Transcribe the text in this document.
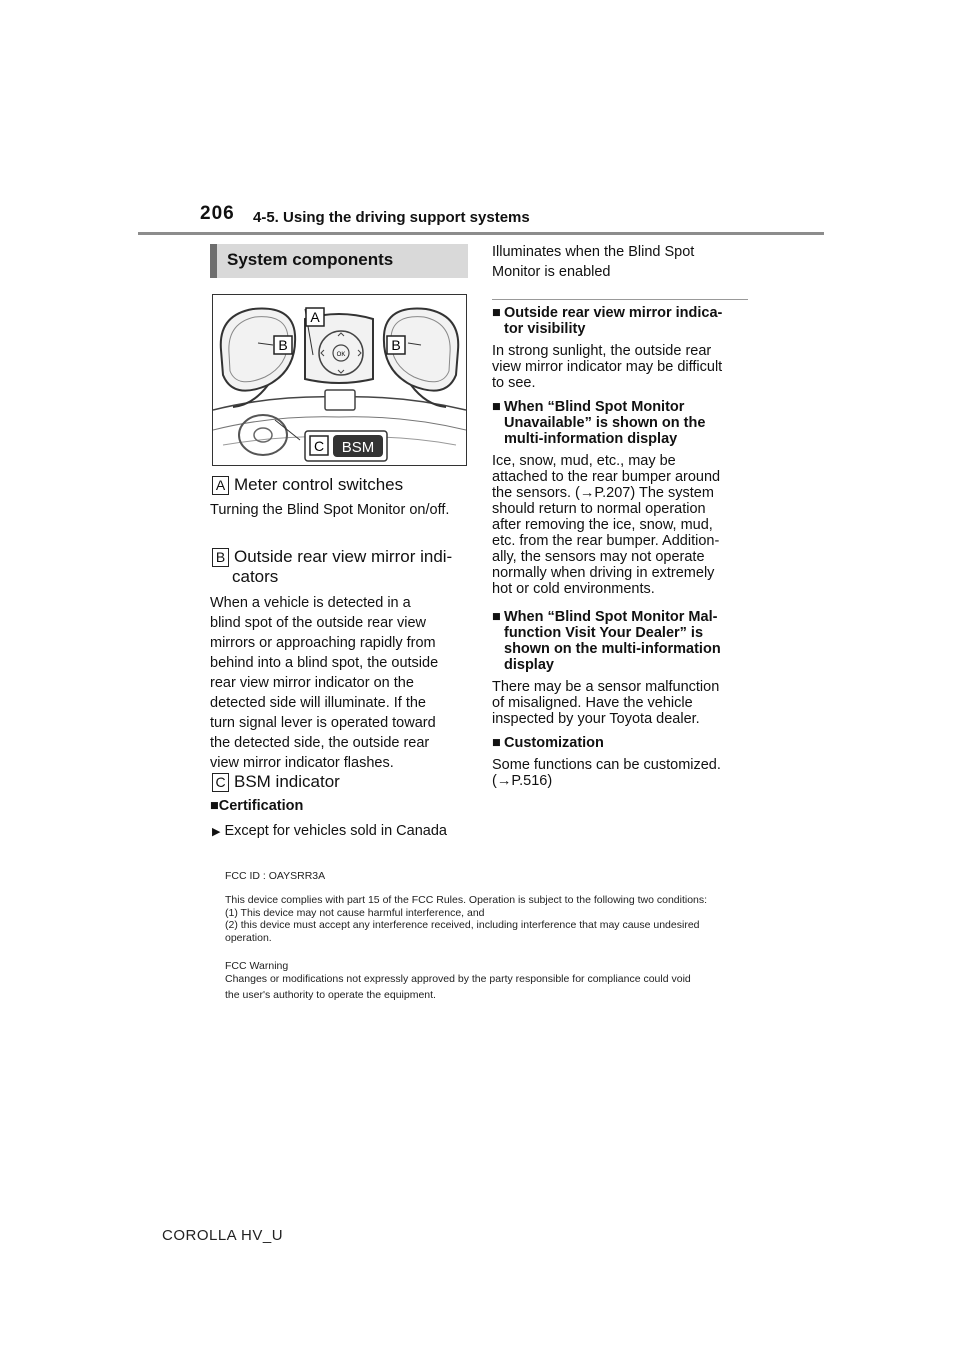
206 4-5. Using the driving support systems
System components
OK
A
B	B
C BSM
A Meter control switches
Turning the Blind Spot Monitor on/off.
B Outside rear view mirror indi-
cators
When a vehicle is detected in a
blind spot of the outside rear view
mirrors or approaching rapidly from
behind into a blind spot, the outside
rear view mirror indicator on the
detected side will illuminate. If the
turn signal lever is operated toward
the detected side, the outside rear
view mirror indicator flashes.
C BSM indicator
■Certification
▶ Except for vehicles sold in Canada
Illuminates when the Blind Spot
Monitor is enabled
■ Outside rear view mirror indica-
tor visibility
In strong sunlight, the outside rear
view mirror indicator may be difficult
to see.
■ When “Blind Spot Monitor
Unavailable” is shown on the
multi-information display
Ice, snow, mud, etc., may be
attached to the rear bumper around
the sensors. (→P.207) The system
should return to normal operation
after removing the ice, snow, mud,
etc. from the rear bumper. Addition-
ally, the sensors may not operate
normally when driving in extremely
hot or cold environments.
■ When “Blind Spot Monitor Mal-
function Visit Your Dealer” is
shown on the multi-information
display
There may be a sensor malfunction
of misaligned. Have the vehicle
inspected by your Toyota dealer.
■ Customization
Some functions can be customized.
(→P.516)
FCC ID : OAYSRR3A
This device complies with part 15 of the FCC Rules. Operation is subject to the following two conditions:
(1) This device may not cause harmful interference, and
(2) this device must accept any interference received, including interference that may cause undesired
operation.
FCC Warning
Changes or modifications not expressly approved by the party responsible for compliance could void
the user's authority to operate the equipment.
COROLLA HV_U
